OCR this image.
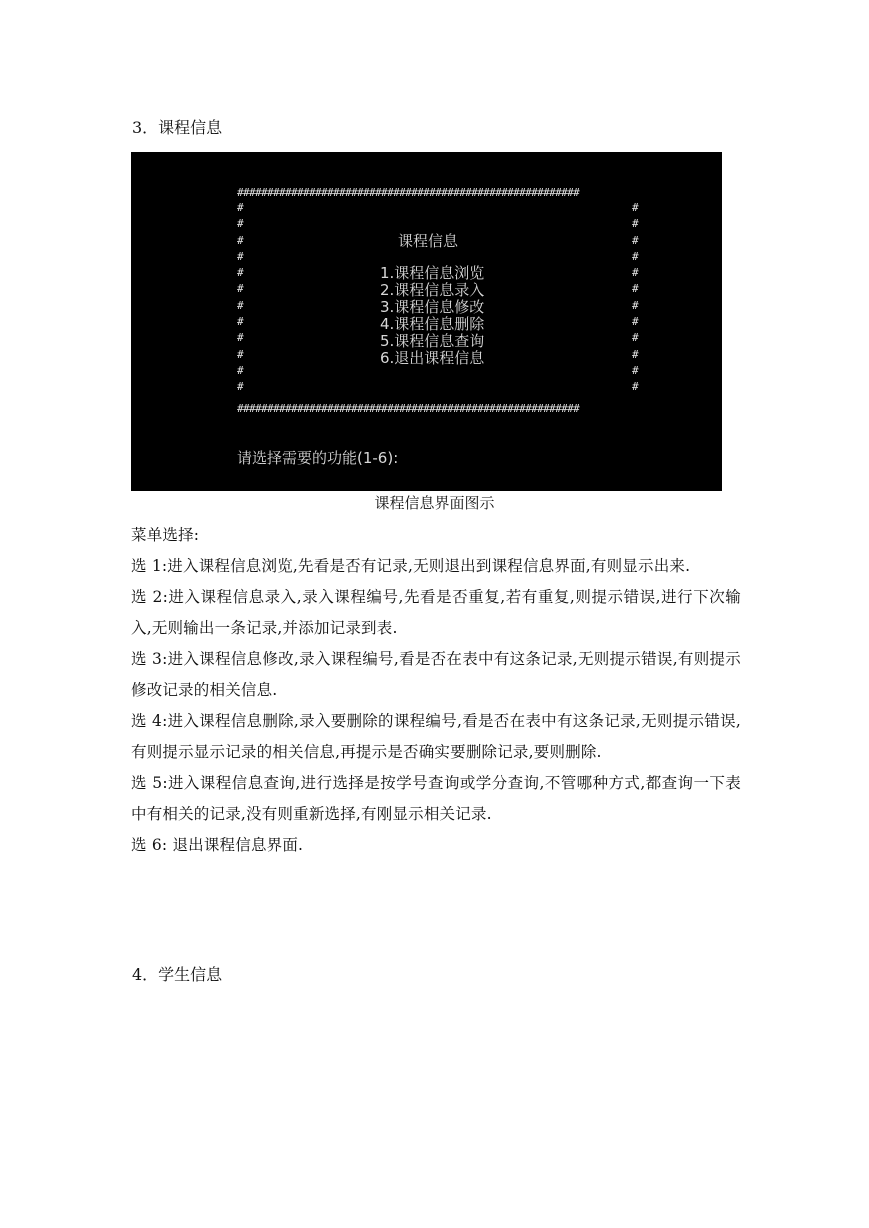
3．课程信息
#########################################################
#
#
#
#
#
#
#
#
#
#
#
#
#
#
#
#
#
#
#
#
#
#
#
#
#########################################################
课程信息
1.课程信息浏览
2.课程信息录入
3.课程信息修改
4.课程信息删除
5.课程信息查询
6.退出课程信息
请选择需要的功能(1-6):
课程信息界面图示

菜单选择:

选 1:进入课程信息浏览,先看是否有记录,无则退出到课程信息界面,有则显示出来.

选 2:进入课程信息录入,录入课程编号,先看是否重复,若有重复,则提示错误,进行下次输入,无则输出一条记录,并添加记录到表.

选 3:进入课程信息修改,录入课程编号,看是否在表中有这条记录,无则提示错误,有则提示修改记录的相关信息.

选 4:进入课程信息删除,录入要删除的课程编号,看是否在表中有这条记录,无则提示错误,有则提示显示记录的相关信息,再提示是否确实要删除记录,要则删除.

选 5:进入课程信息查询,进行选择是按学号查询或学分查询,不管哪种方式,都查询一下表中有相关的记录,没有则重新选择,有刚显示相关记录.

选 6: 退出课程信息界面.

4．学生信息
